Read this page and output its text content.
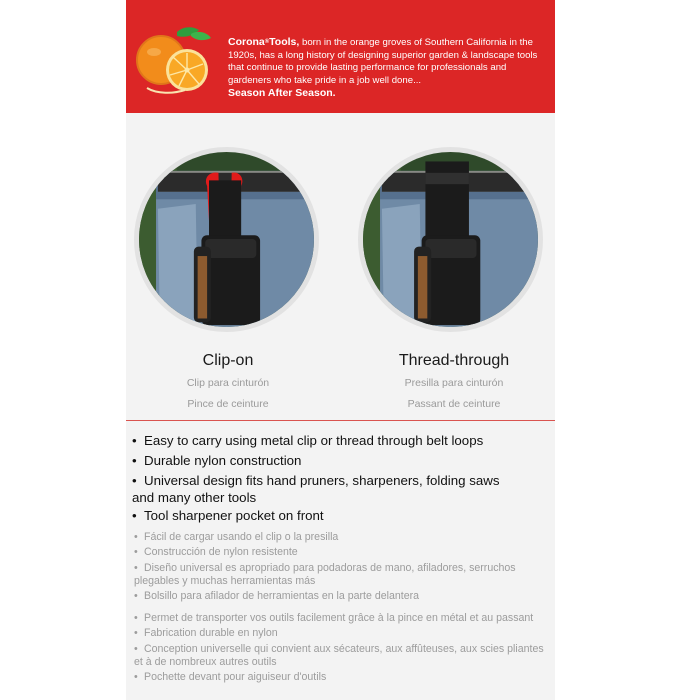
Corona®Tools, born in the orange groves of Southern California in the 1920s, has a long history of designing superior garden & landscape tools that continue to provide lasting performance for professionals and gardeners who take pride in a job well done...
Season After Season.
Clip-on
Clip para cinturón
Pince de ceinture
Thread-through
Presilla para cinturón
Passant de ceinture
• Easy to carry using metal clip or thread through belt loops
• Durable nylon construction
• Universal design fits hand pruners, sharpeners, folding saws and many other tools
• Tool sharpener pocket on front
• Fácil de cargar usando el clip o la presilla
• Construcción de nylon resistente
• Diseño universal es apropriado para podadoras de mano, afiladores, serruchos plegables y muchas herramientas más
• Bolsillo para afilador de herramientas en la parte delantera
• Permet de transporter vos outils facilement grâce à la pince en métal et au passant
• Fabrication durable en nylon
• Conception universelle qui convient aux sécateurs, aux affûteuses, aux scies pliantes et à de nombreux autres outils
• Pochette devant pour aiguiseur d'outils
